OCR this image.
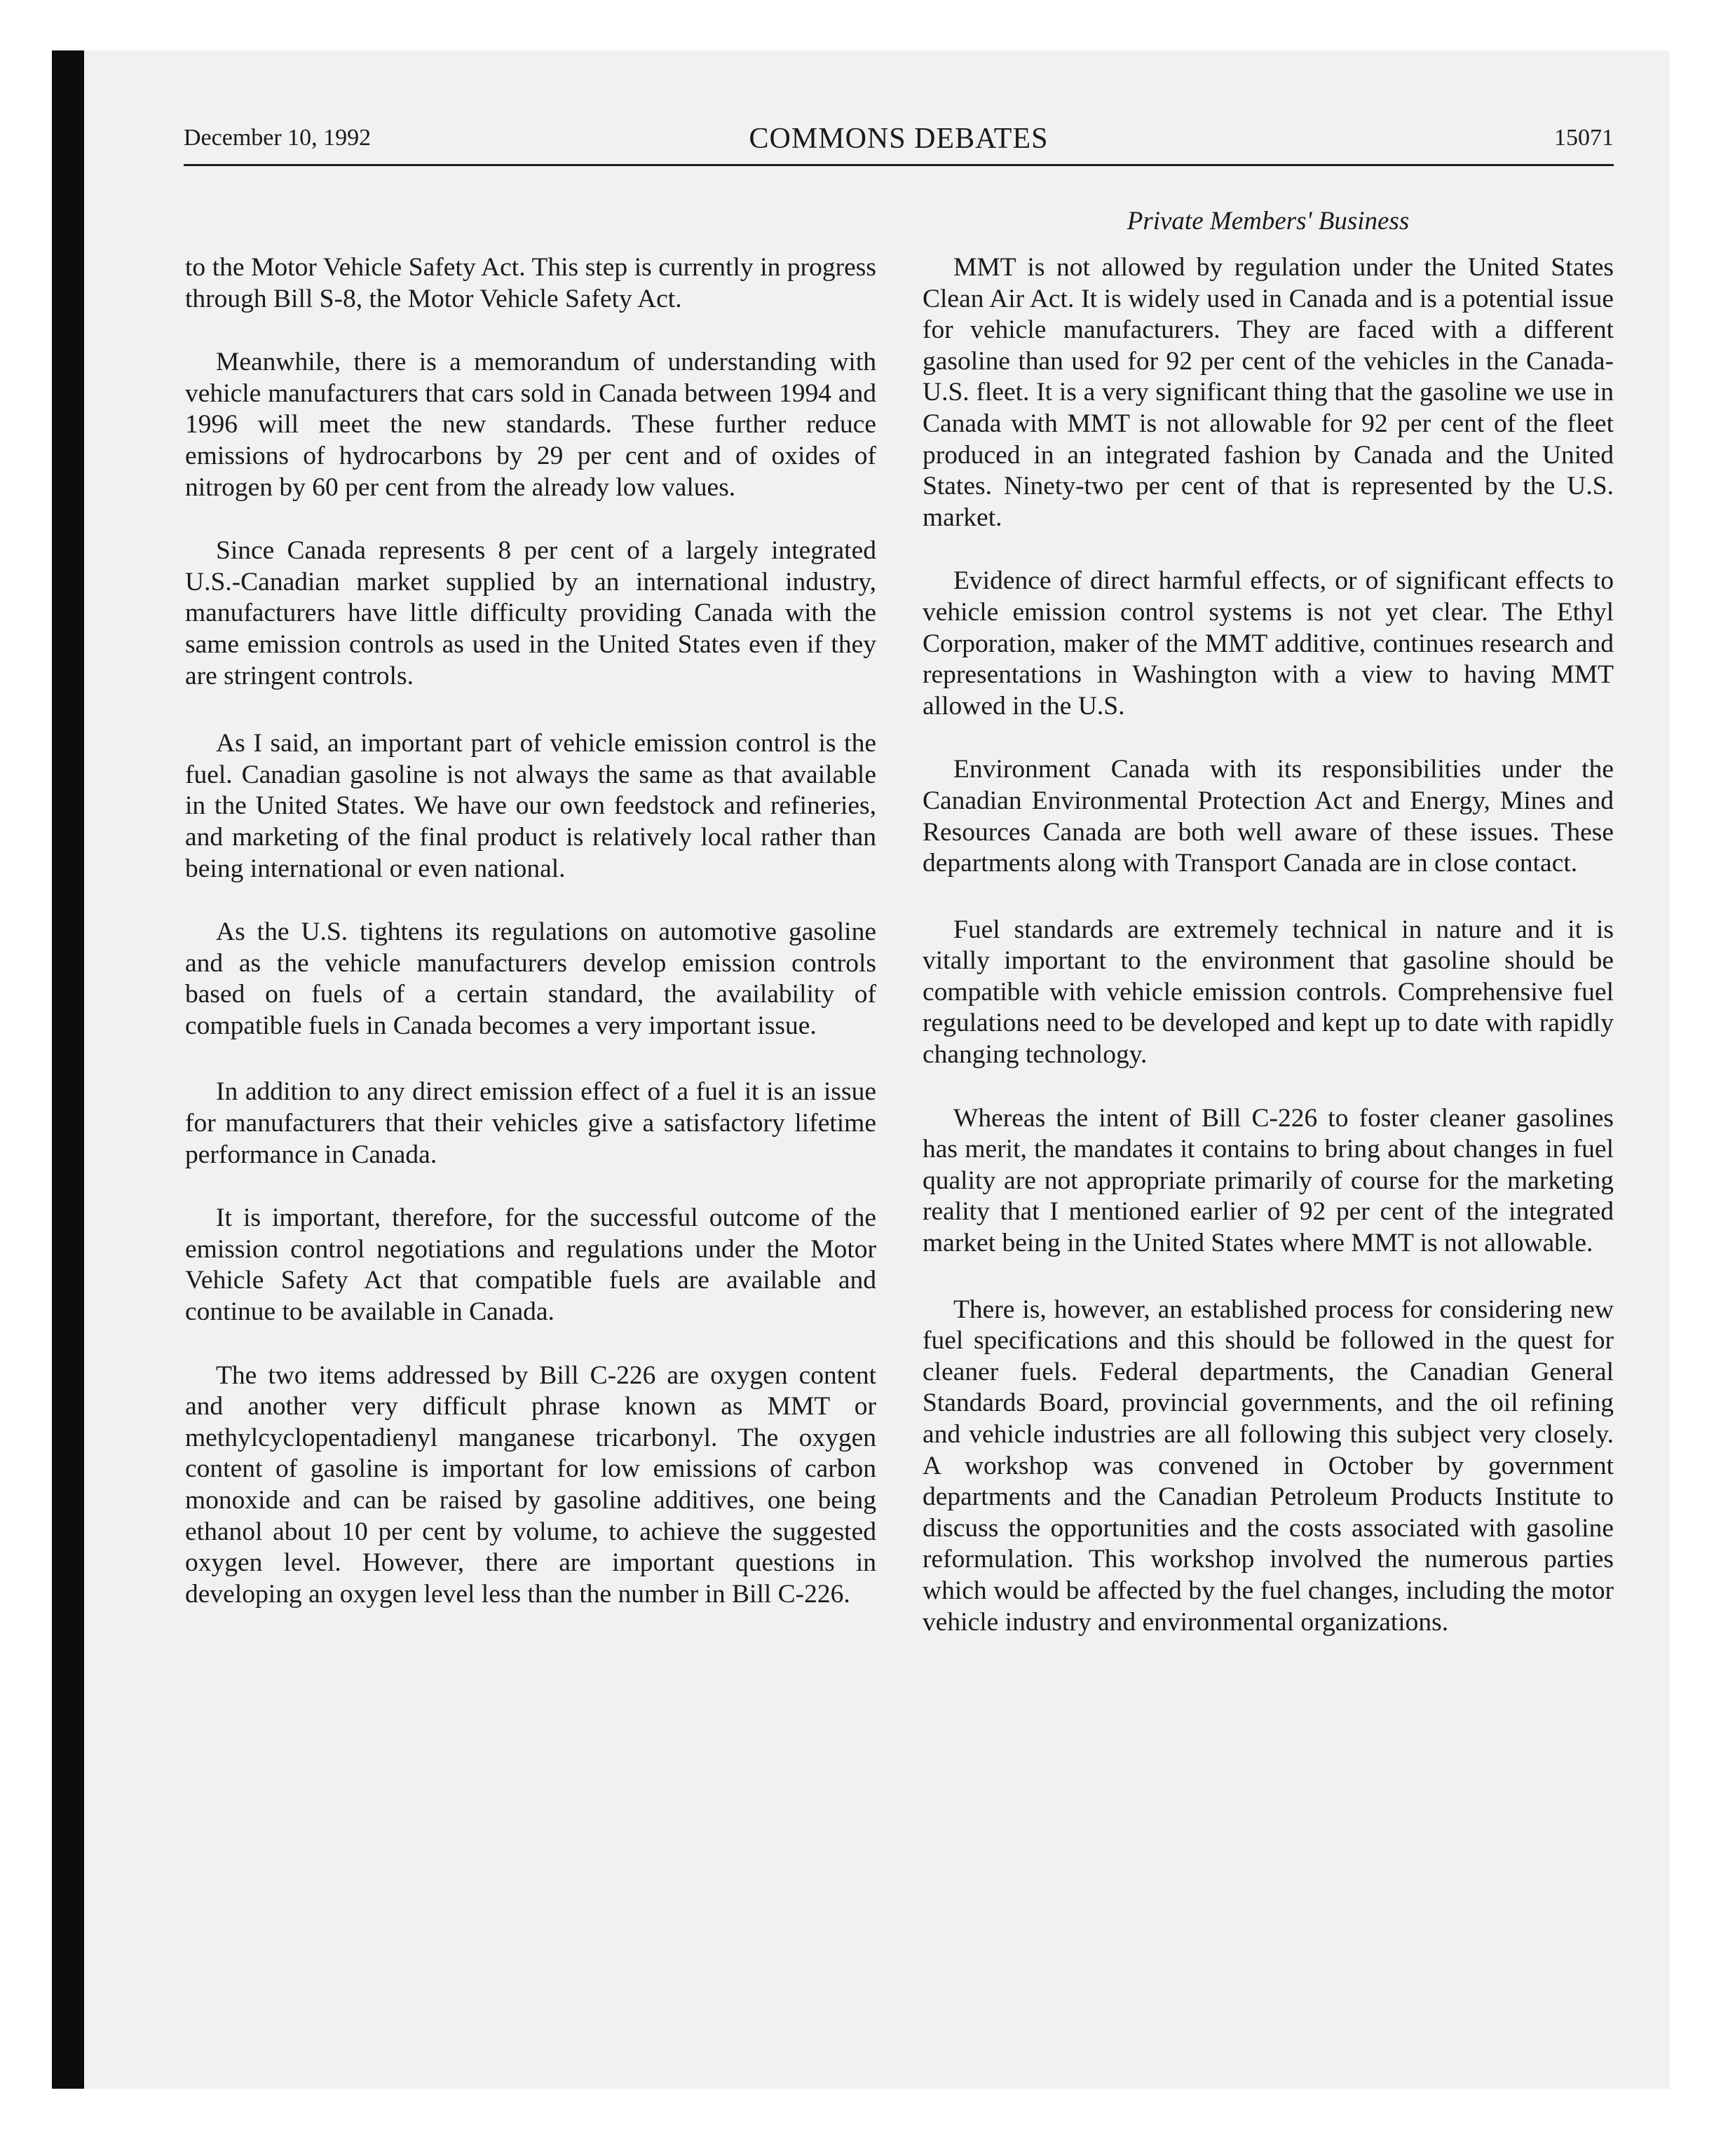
December 10, 1992	COMMONS DEBATES	15071
Private Members' Business

to the Motor Vehicle Safety Act. This step is currently in progress through Bill S-8, the Motor Vehicle Safety Act.

Meanwhile, there is a memorandum of understanding with vehicle manufacturers that cars sold in Canada between 1994 and 1996 will meet the new standards. These further reduce emissions of hydrocarbons by 29 per cent and of oxides of nitrogen by 60 per cent from the already low values.

Since Canada represents 8 per cent of a largely integrated U.S.-Canadian market supplied by an international industry, manufacturers have little difficulty providing Canada with the same emission controls as used in the United States even if they are stringent controls.

As I said, an important part of vehicle emission control is the fuel. Canadian gasoline is not always the same as that available in the United States. We have our own feedstock and refineries, and marketing of the final product is relatively local rather than being international or even national.

As the U.S. tightens its regulations on automotive gasoline and as the vehicle manufacturers develop emission controls based on fuels of a certain standard, the availability of compatible fuels in Canada becomes a very important issue.

In addition to any direct emission effect of a fuel it is an issue for manufacturers that their vehicles give a satisfactory lifetime performance in Canada.

It is important, therefore, for the successful outcome of the emission control negotiations and regulations under the Motor Vehicle Safety Act that compatible fuels are available and continue to be available in Canada.

The two items addressed by Bill C-226 are oxygen content and another very difficult phrase known as MMT or methylcyclopentadienyl manganese tricarbonyl. The oxygen content of gasoline is important for low emissions of carbon monoxide and can be raised by gasoline additives, one being ethanol about 10 per cent by volume, to achieve the suggested oxygen level. However, there are important questions in developing an oxygen level less than the number in Bill C-226.

MMT is not allowed by regulation under the United States Clean Air Act. It is widely used in Canada and is a potential issue for vehicle manufacturers. They are faced with a different gasoline than used for 92 per cent of the vehicles in the Canada-U.S. fleet. It is a very significant thing that the gasoline we use in Canada with MMT is not allowable for 92 per cent of the fleet produced in an integrated fashion by Canada and the United States. Ninety-two per cent of that is represented by the U.S. market.

Evidence of direct harmful effects, or of significant effects to vehicle emission control systems is not yet clear. The Ethyl Corporation, maker of the MMT additive, continues research and representations in Washington with a view to having MMT allowed in the U.S.

Environment Canada with its responsibilities under the Canadian Environmental Protection Act and Energy, Mines and Resources Canada are both well aware of these issues. These departments along with Transport Canada are in close contact.

Fuel standards are extremely technical in nature and it is vitally important to the environment that gasoline should be compatible with vehicle emission controls. Comprehensive fuel regulations need to be developed and kept up to date with rapidly changing technology.

Whereas the intent of Bill C-226 to foster cleaner gasolines has merit, the mandates it contains to bring about changes in fuel quality are not appropriate primarily of course for the marketing reality that I mentioned earlier of 92 per cent of the integrated market being in the United States where MMT is not allowable.

There is, however, an established process for considering new fuel specifications and this should be followed in the quest for cleaner fuels. Federal departments, the Canadian General Standards Board, provincial governments, and the oil refining and vehicle industries are all following this subject very closely. A workshop was convened in October by government departments and the Canadian Petroleum Products Institute to discuss the opportunities and the costs associated with gasoline reformulation. This workshop involved the numerous parties which would be affected by the fuel changes, including the motor vehicle industry and environmental organizations.
